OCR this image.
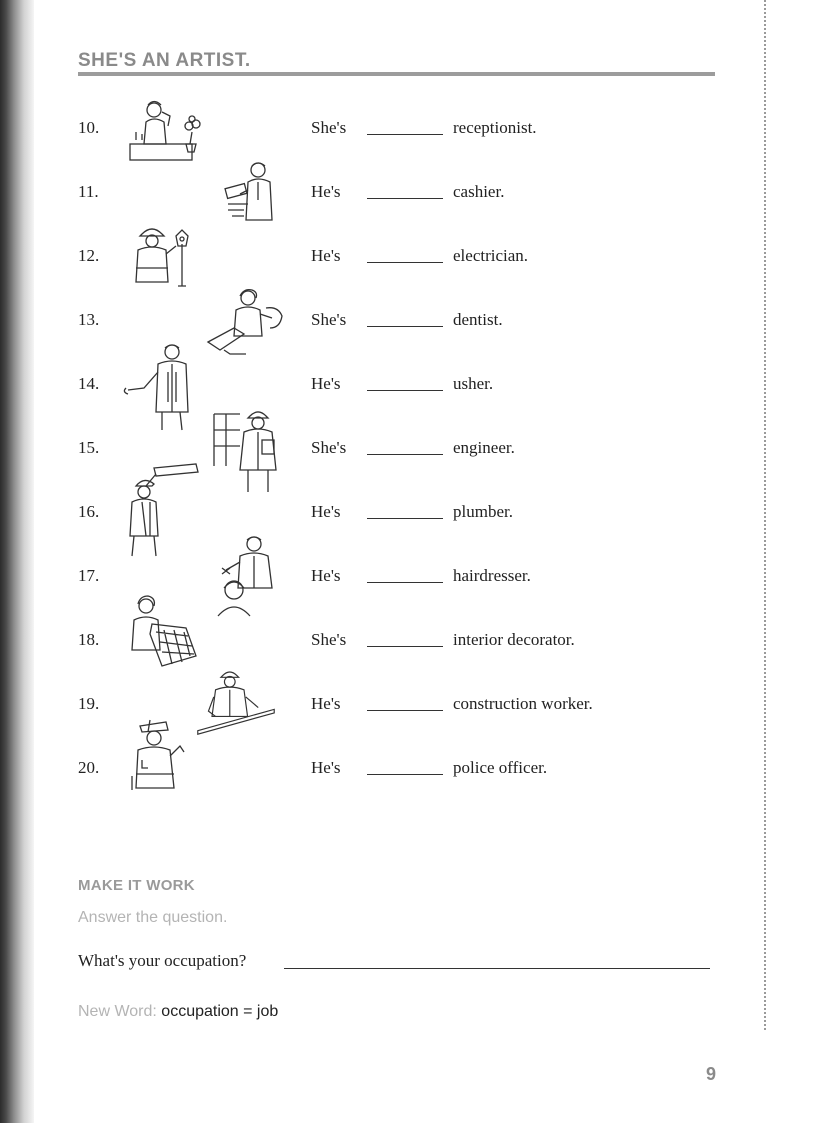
SHE'S AN ARTIST.
10.	She's	receptionist.
11.	He's	cashier.
12.	He's	electrician.
13.	She's	dentist.
14.	He's	usher.
15.	She's	engineer.
16.	He's	plumber.
17.	He's	hairdresser.
18.	She's	interior decorator.
19.	He's	construction worker.
20.	He's	police officer.
MAKE IT WORK
Answer the question.
What's your occupation?
New Word: occupation = job
9
